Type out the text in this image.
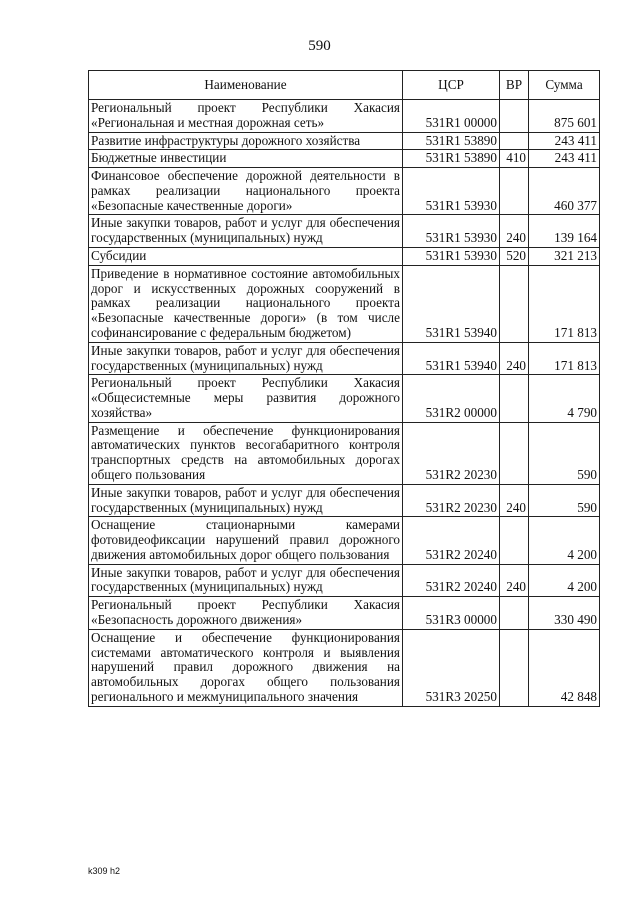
590
Наименование	ЦСР	ВР	Сумма
Региональный проект Республики Хакасия «Региональная и местная дорожная сеть»	531R1 00000		875 601
Развитие инфраструктуры дорожного хозяйства	531R1 53890		243 411
Бюджетные инвестиции	531R1 53890	410	243 411
Финансовое обеспечение дорожной деятельности в рамках реализации национального проекта «Безопасные качественные дороги»	531R1 53930		460 377
Иные закупки товаров, работ и услуг для обеспечения государственных (муниципальных) нужд	531R1 53930	240	139 164
Субсидии	531R1 53930	520	321 213
Приведение в нормативное состояние автомобильных дорог и искусственных дорожных сооружений в рамках реализации национального проекта «Безопасные качественные дороги» (в том числе софинансирование с федеральным бюджетом)	531R1 53940		171 813
Иные закупки товаров, работ и услуг для обеспечения государственных (муниципальных) нужд	531R1 53940	240	171 813
Региональный проект Республики Хакасия «Общесистемные меры развития дорожного хозяйства»	531R2 00000		4 790
Размещение и обеспечение функционирования автоматических пунктов весогабаритного контроля транспортных средств на автомобильных дорогах общего пользования	531R2 20230		590
Иные закупки товаров, работ и услуг для обеспечения государственных (муниципальных) нужд	531R2 20230	240	590
Оснащение стационарными камерами фотовидеофиксации нарушений правил дорожного движения автомобильных дорог общего пользования	531R2 20240		4 200
Иные закупки товаров, работ и услуг для обеспечения государственных (муниципальных) нужд	531R2 20240	240	4 200
Региональный проект Республики Хакасия «Безопасность дорожного движения»	531R3 00000		330 490
Оснащение и обеспечение функционирования системами автоматического контроля и выявления нарушений правил дорожного движения на автомобильных дорогах общего пользования регионального и межмуниципального значения	531R3 20250		42 848
k309 h2
